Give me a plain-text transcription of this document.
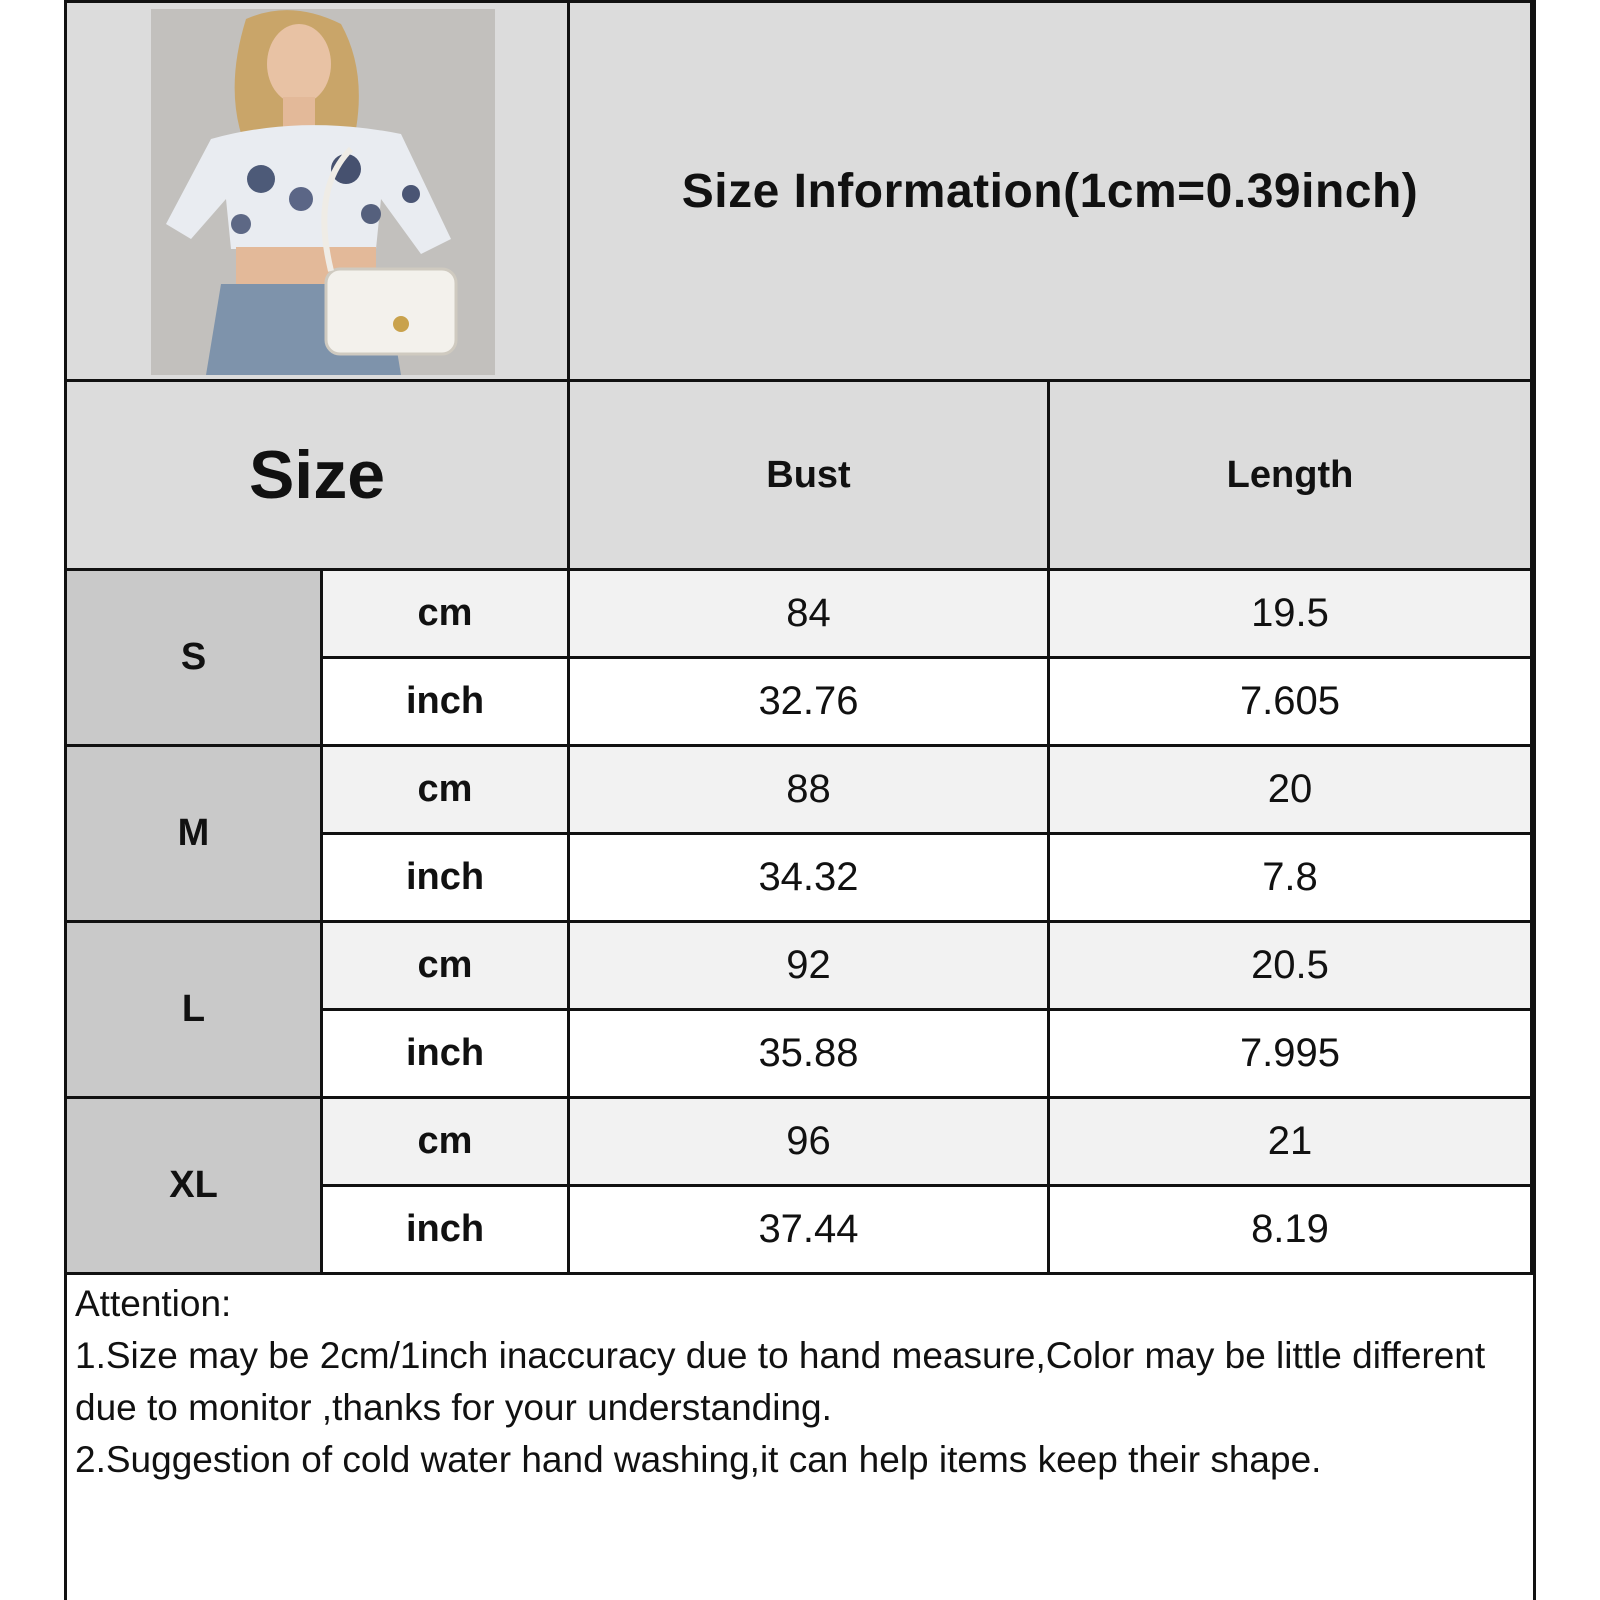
Size Information(1cm=0.39inch)
Size	Bust	Length
S
cm	84	19.5
inch	32.76	7.605
M
cm	88	20
inch	34.32	7.8
L
cm	92	20.5
inch	35.88	7.995
XL
cm	96	21
inch	37.44	8.19

Attention:

1.Size may be 2cm/1inch inaccuracy due to hand measure,Color may be little different due to monitor ,thanks for your understanding.

2.Suggestion of cold water hand washing,it can help items keep their shape.
